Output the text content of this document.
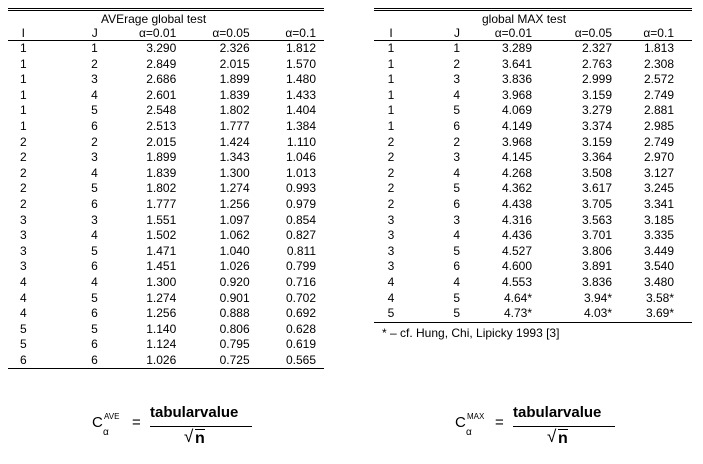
AVErage global test
I	J	α=0.01	α=0.05	α=0.1
1	1	3.290	2.326	1.812
1	2	2.849	2.015	1.570
1	3	2.686	1.899	1.480
1	4	2.601	1.839	1.433
1	5	2.548	1.802	1.404
1	6	2.513	1.777	1.384
2	2	2.015	1.424	1.110
2	3	1.899	1.343	1.046
2	4	1.839	1.300	1.013
2	5	1.802	1.274	0.993
2	6	1.777	1.256	0.979
3	3	1.551	1.097	0.854
3	4	1.502	1.062	0.827
3	5	1.471	1.040	0.811
3	6	1.451	1.026	0.799
4	4	1.300	0.920	0.716
4	5	1.274	0.901	0.702
4	6	1.256	0.888	0.692
5	5	1.140	0.806	0.628
5	6	1.124	0.795	0.619
6	6	1.026	0.725	0.565
global MAX test
I	J	α=0.01	α=0.05	α=0.1
1	1	3.289	2.327	1.813
1	2	3.641	2.763	2.308
1	3	3.836	2.999	2.572
1	4	3.968	3.159	2.749
1	5	4.069	3.279	2.881
1	6	4.149	3.374	2.985
2	2	3.968	3.159	2.749
2	3	4.145	3.364	2.970
2	4	4.268	3.508	3.127
2	5	4.362	3.617	3.245
2	6	4.438	3.705	3.341
3	3	4.316	3.563	3.185
3	4	4.436	3.701	3.335
3	5	4.527	3.806	3.449
3	6	4.600	3.891	3.540
4	4	4.553	3.836	3.480
4	5	4.64*	3.94*	3.58*
5	5	4.73*	4.03*	3.69*
* – cf. Hung, Chi, Lipicky 1993 [3]
C AVE
α
=
tabularvalue
√ n
C MAX
α
=
tabularvalue
√ n
